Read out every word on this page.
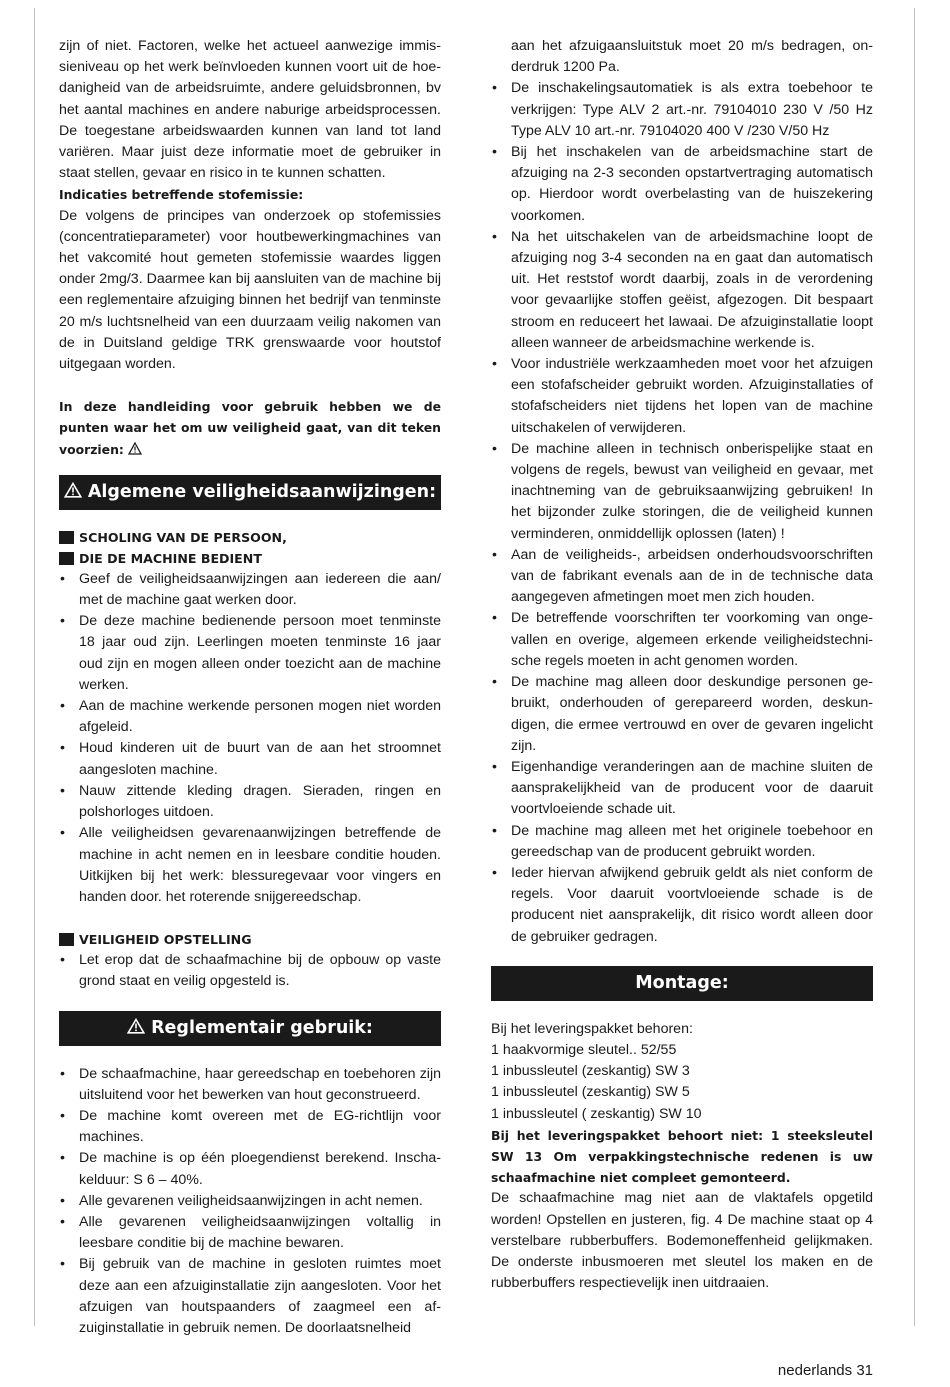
zijn of niet. Factoren, welke het actueel aanwezige immissieniveau op het werk beïnvloeden kunnen voort uit de hoedanigheid van de arbeidsruimte, andere geluidsbronnen, bv het aantal machines en andere naburige arbeidsprocessen. De toegestane arbeidswaarden kunnen van land tot land variëren. Maar juist deze informatie moet de gebruiker in staat stellen, gevaar en risico in te kunnen schatten.

Indicaties betreffende stofemissie:

De volgens de principes van onderzoek op stofemissies (concentratieparameter) voor houtbewerkingmachines van het vakcomité hout gemeten stofemissie waardes liggen onder 2mg/3. Daarmee kan bij aansluiten van de machine bij een reglementaire afzuiging binnen het bedrijf van tenminste 20 m/s luchtsnelheid van een duurzaam veilig nakomen van de in Duitsland geldige TRK grenswaarde voor houtstof uitgegaan worden.

In deze handleiding voor gebruik hebben we de punten waar het om uw veiligheid gaat, van dit teken voorzien:

Algemene veiligheidsaanwijzingen:
SCHOLING VAN DE PERSOON,
DIE DE MACHINE BEDIENT
• Geef de veiligheidsaanwijzingen aan iedereen die aan/ met de machine gaat werken door.
• De deze machine bedienende persoon moet tenminste 18 jaar oud zijn. Leerlingen moeten tenminste 16 jaar oud zijn en mogen alleen onder toezicht aan de machine werken.
• Aan de machine werkende personen mogen niet worden afgeleid.
• Houd kinderen uit de buurt van de aan het stroomnet aangesloten machine.
• Nauw zittende kleding dragen. Sieraden, ringen en polshorloges uitdoen.
• Alle veiligheidsen gevarenaanwijzingen betreffende de machine in acht nemen en in leesbare conditie houden. Uitkijken bij het werk: blessuregevaar voor vingers en handen door. het roterende snijgereedschap.
VEILIGHEID OPSTELLING
• Let erop dat de schaafmachine bij de opbouw op vaste grond staat en veilig opgesteld is.
Reglementair gebruik:
• De schaafmachine, haar gereedschap en toebehoren zijn uitsluitend voor het bewerken van hout geconstrueerd.
• De machine komt overeen met de EG-richtlijn voor machines.
• De machine is op één ploegendienst berekend. Inschakelduur: S 6 – 40%.
• Alle gevarenen veiligheidsaanwijzingen in acht nemen.
• Alle gevarenen veiligheidsaanwijzingen voltallig in leesbare conditie bij de machine bewaren.
• Bij gebruik van de machine in gesloten ruimtes moet deze aan een afzuiginstallatie zijn aangesloten. Voor het afzuigen van houtspaanders of zaagmeel een afzuiginstallatie in gebruik nemen. De doorlaatsnelheid

aan het afzuigaansluitstuk moet 20 m/s bedragen, onderdruk 1200 Pa.

• De inschakelingsautomatiek is als extra toebehoor te verkrijgen: Type ALV 2 art.-nr. 79104010 230 V /50 Hz Type ALV 10 art.-nr. 79104020 400 V /230 V/50 Hz
• Bij het inschakelen van de arbeidsmachine start de afzuiging na 2-3 seconden opstartvertraging automatisch op. Hierdoor wordt overbelasting van de huiszekering voorkomen.
• Na het uitschakelen van de arbeidsmachine loopt de afzuiging nog 3-4 seconden na en gaat dan automatisch uit. Het reststof wordt daarbij, zoals in de verordening voor gevaarlijke stoffen geëist, afgezogen. Dit bespaart stroom en reduceert het lawaai. De afzuiginstallatie loopt alleen wanneer de arbeidsmachine werkende is.
• Voor industriële werkzaamheden moet voor het afzuigen een stofafscheider gebruikt worden. Afzuiginstallaties of stofafscheiders niet tijdens het lopen van de machine uitschakelen of verwijderen.
• De machine alleen in technisch onberispelijke staat en volgens de regels, bewust van veiligheid en gevaar, met inachtneming van de gebruiksaanwijzing gebruiken! In het bijzonder zulke storingen, die de veiligheid kunnen verminderen, onmiddellijk oplossen (laten) !
• Aan de veiligheids-, arbeidsen onderhoudsvoorschriften van de fabrikant evenals aan de in de technische data aangegeven afmetingen moet men zich houden.
• De betreffende voorschriften ter voorkoming van ongevallen en overige, algemeen erkende veiligheidstechnische regels moeten in acht genomen worden.
• De machine mag alleen door deskundige personen gebruikt, onderhouden of gerepareerd worden, deskundigen, die ermee vertrouwd en over de gevaren ingelicht zijn.
• Eigenhandige veranderingen aan de machine sluiten de aansprakelijkheid van de producent voor de daaruit voortvloeiende schade uit.
• De machine mag alleen met het originele toebehoor en gereedschap van de producent gebruikt worden.
• Ieder hiervan afwijkend gebruik geldt als niet conform de regels. Voor daaruit voortvloeiende schade is de producent niet aansprakelijk, dit risico wordt alleen door de gebruiker gedragen.
Montage:

Bij het leveringspakket behoren:

1 haakvormige sleutel.. 52/55

1 inbussleutel (zeskantig) SW 3

1 inbussleutel (zeskantig) SW 5

1 inbussleutel ( zeskantig) SW 10

Bij het leveringspakket behoort niet: 1 steeksleutel SW 13 Om verpakkingstechnische redenen is uw schaafmachine niet compleet gemonteerd.

De schaafmachine mag niet aan de vlaktafels opgetild worden! Opstellen en justeren, fig. 4 De machine staat op 4 verstelbare rubberbuffers. Bodemoneffenheid gelijkmaken. De onderste inbusmoeren met sleutel los maken en de rubberbuffers respectievelijk inen uitdraaien.

nederlands 31
